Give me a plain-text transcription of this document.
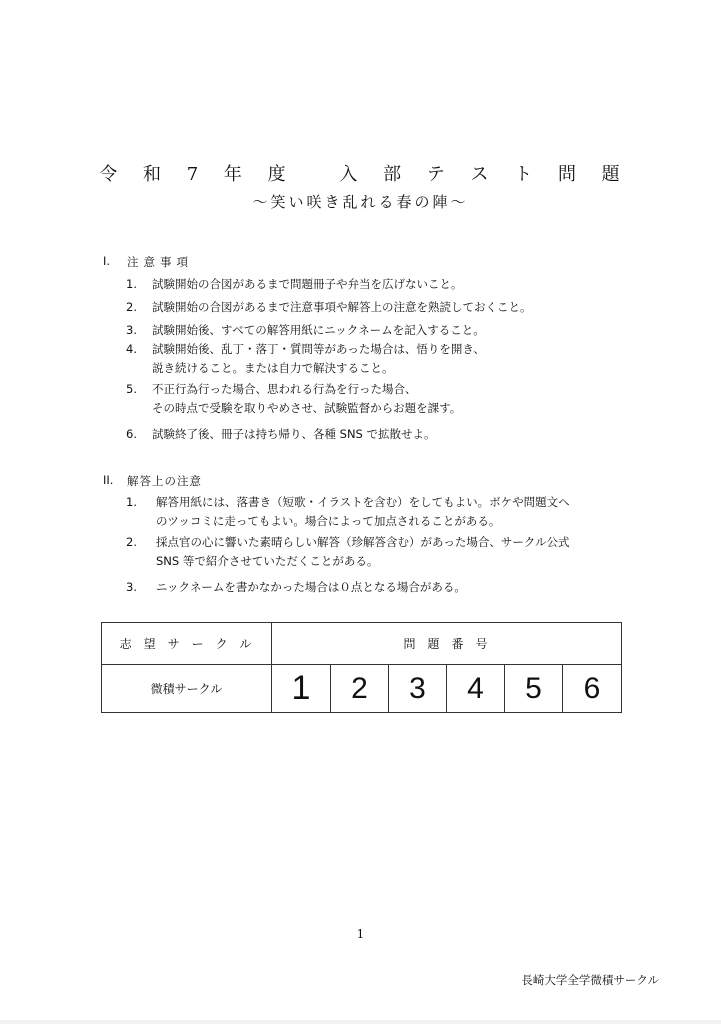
令 和 7 年 度　 入 部 テ ス ト 問 題
～笑い咲き乱れる春の陣～
I.	注意事項
1.	試験開始の合図があるまで問題冊子や弁当を広げないこと。
2.	試験開始の合図があるまで注意事項や解答上の注意を熟読しておくこと。
3.	試験開始後、すべての解答用紙にニックネームを記入すること。
4.	試験開始後、乱丁・落丁・質問等があった場合は、悟りを開き、
説き続けること。または自力で解決すること。
5.	不正行為行った場合、思われる行為を行った場合、
その時点で受験を取りやめさせ、試験監督からお題を課す。
6.	試験終了後、冊子は持ち帰り、各種 SNS で拡散せよ。
II.	解答上の注意
1.	解答用紙には、落書き（短歌・イラストを含む）をしてもよい。ボケや問題文へ
のツッコミに走ってもよい。場合によって加点されることがある。
2.	採点官の心に響いた素晴らしい解答（珍解答含む）があった場合、サークル公式
SNS 等で紹介させていただくことがある。
3.	ニックネームを書かなかった場合は０点となる場合がある。
志望サークル	問題番号					
微積サークル	1	2	3	4	5	6
1
長崎大学全学微積サークル
